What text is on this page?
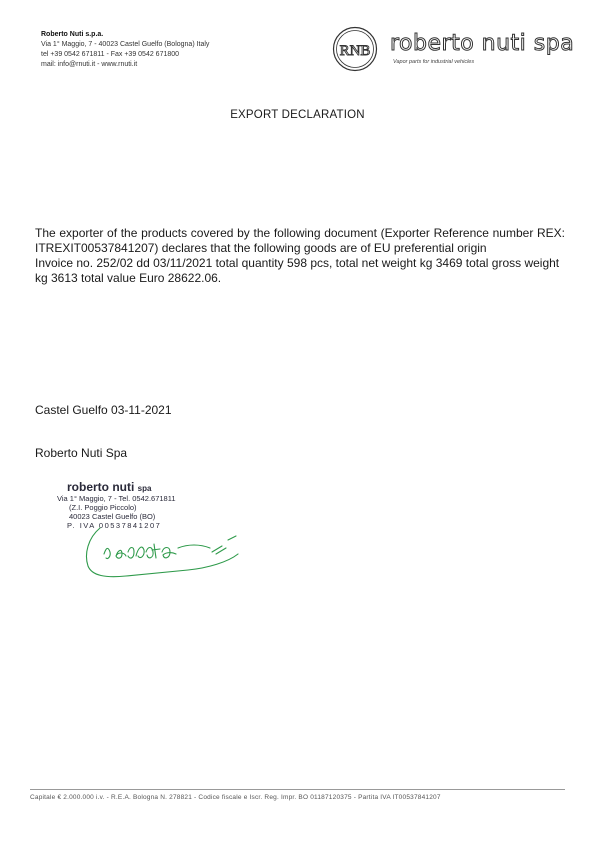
Roberto Nuti s.p.a.
Via 1° Maggio, 7 - 40023 Castel Guelfo (Bologna) Italy
tel +39 0542 671811 - Fax +39 0542 671800
mail: info@rnuti.it - www.rnuti.it
RNB roberto nuti spa
Vapor parts for industrial vehicles
EXPORT DECLARATION

The exporter of the products covered by the following document (Exporter Reference number REX: ITREXIT00537841207) declares that the following goods are of EU preferential origin

Invoice no. 252/02 dd 03/11/2021 total quantity 598 pcs, total net weight kg 3469 total gross weight kg 3613 total value Euro 28622.06.

Castel Guelfo 03-11-2021
Roberto Nuti Spa
roberto nuti spa
Via 1° Maggio, 7 - Tel. 0542.671811
(Z.I. Poggio Piccolo)
40023 Castel Guelfo (BO)
P. IVA 00537841207
Capitale € 2.000.000 i.v. - R.E.A. Bologna N. 278821 - Codice fiscale e Iscr. Reg. Impr. BO 01187120375 - Partita IVA IT00537841207
